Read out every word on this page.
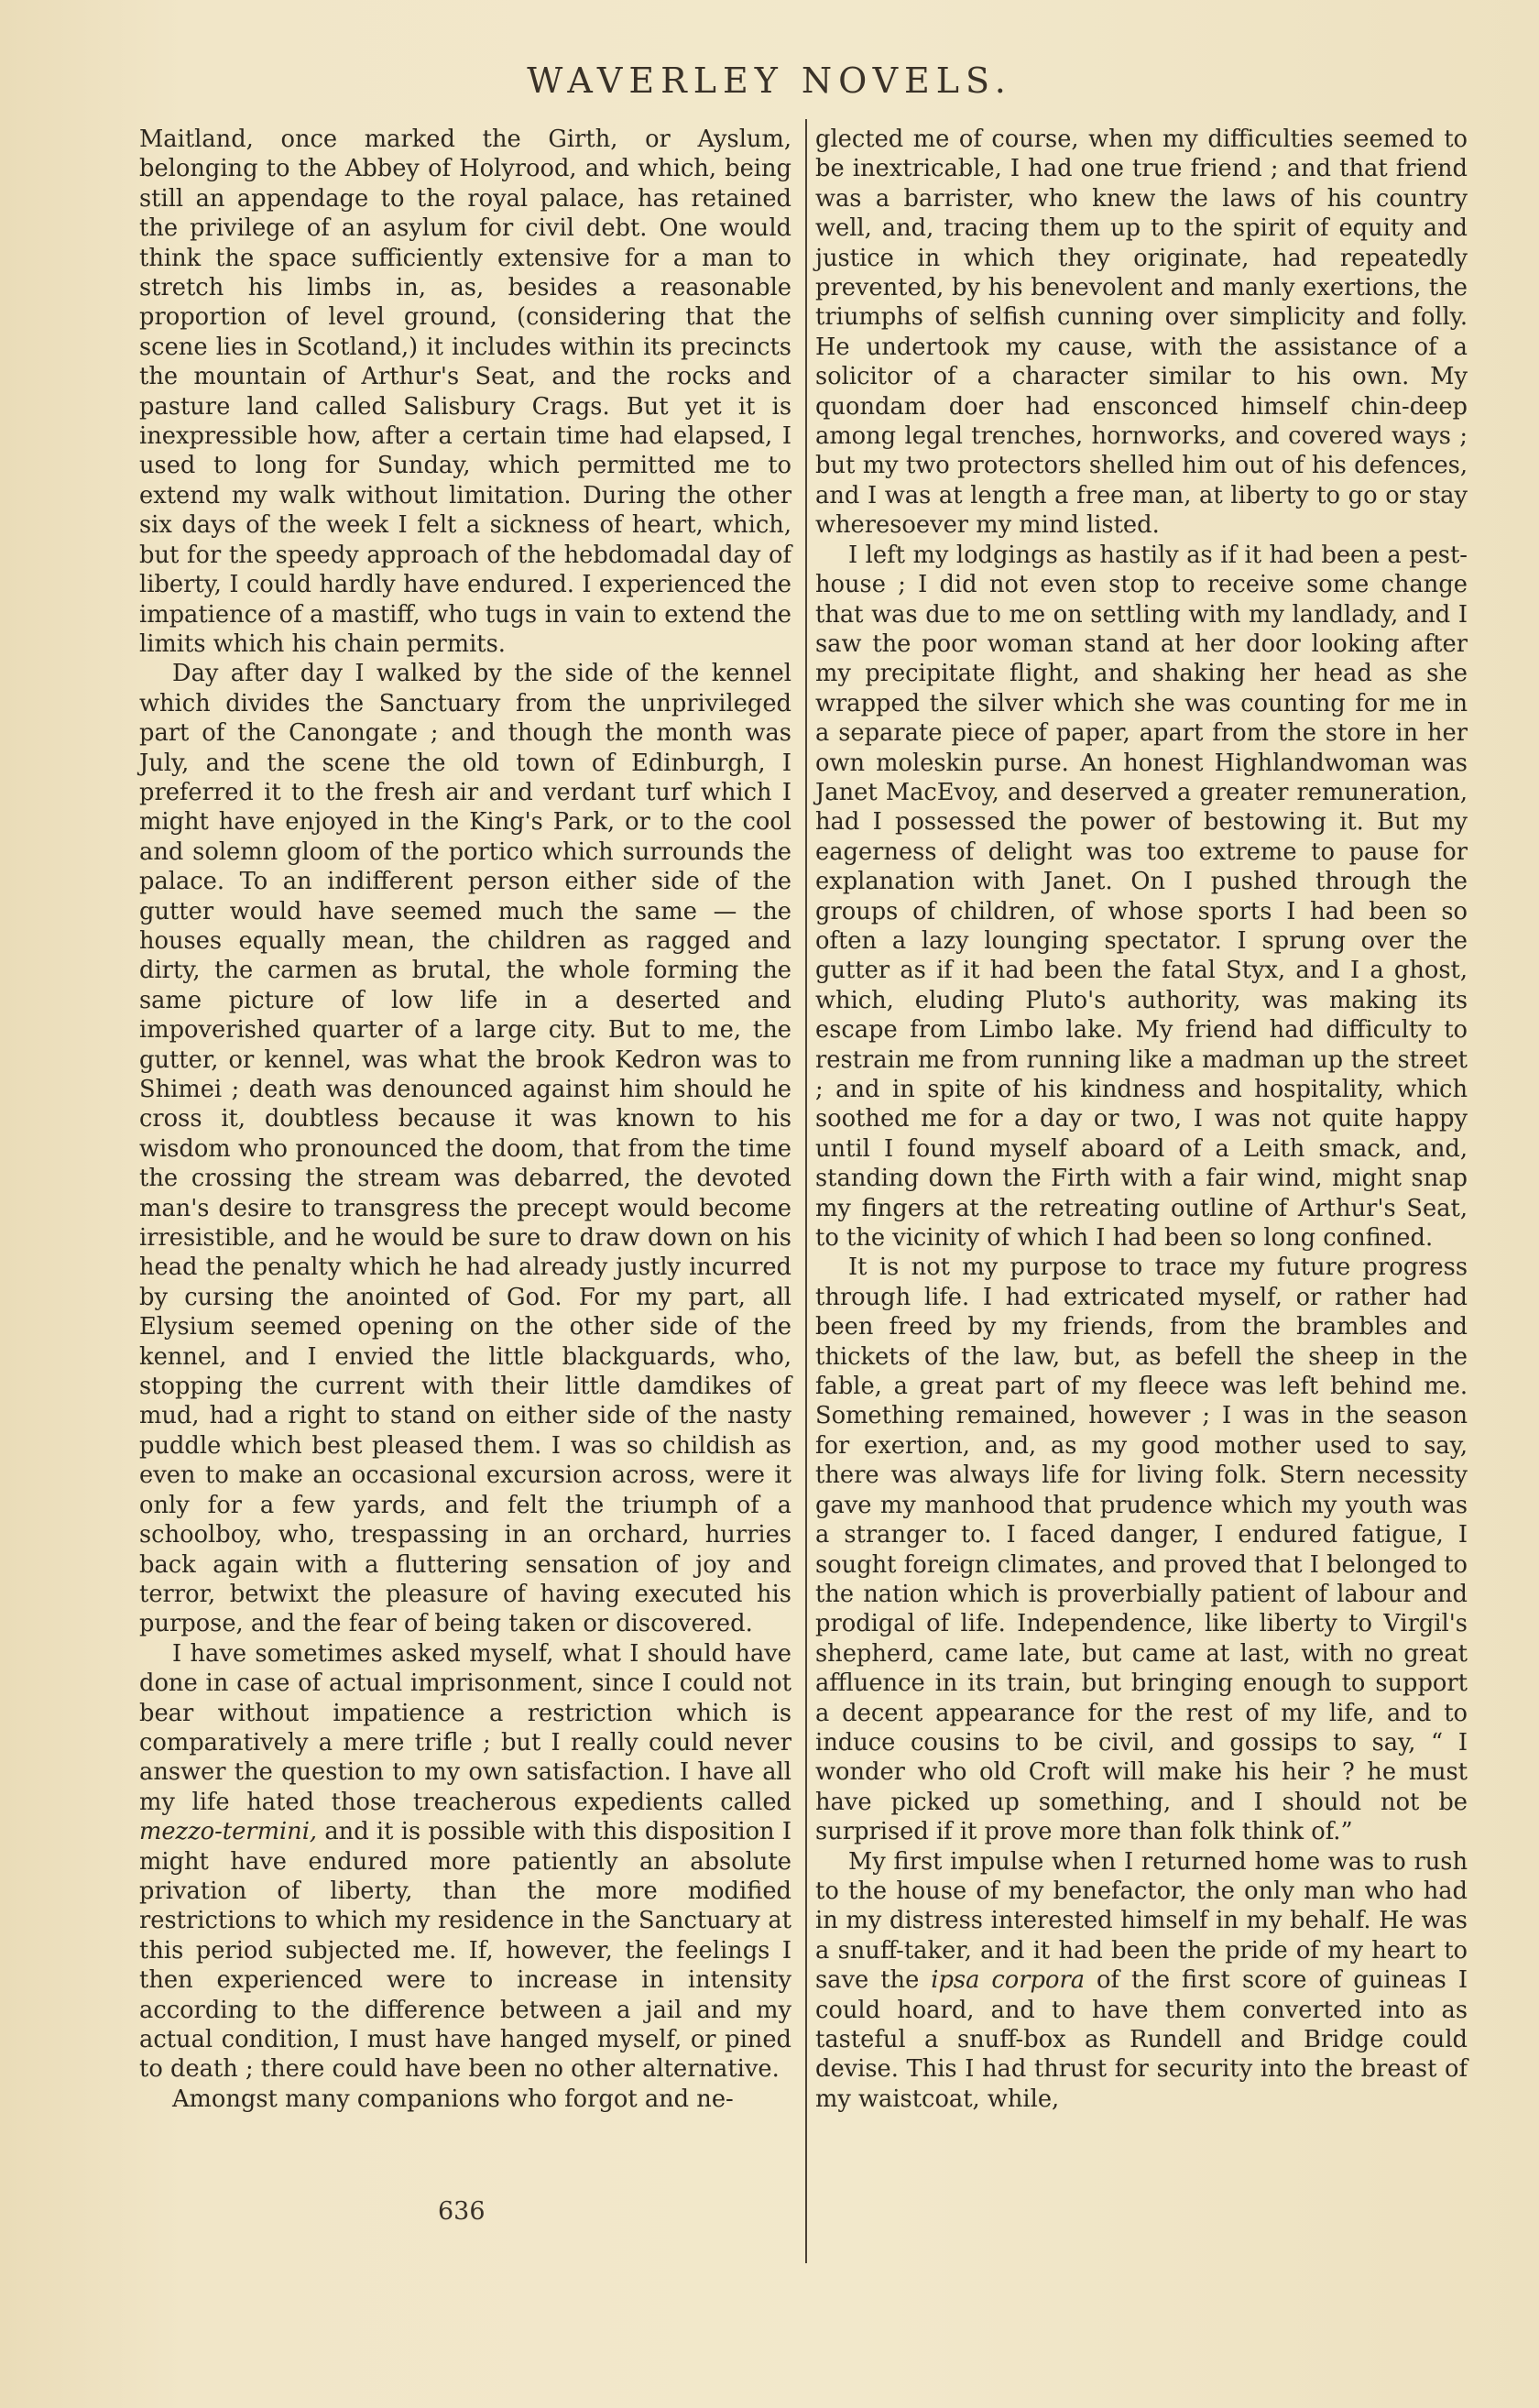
WAVERLEY NOVELS.

Maitland, once marked the Girth, or Ayslum, belonging to the Abbey of Holyrood, and which, being still an appendage to the royal palace, has retained the privilege of an asylum for civil debt. One would think the space sufficiently extensive for a man to stretch his limbs in, as, besides a reasonable proportion of level ground, (considering that the scene lies in Scotland,) it includes within its precincts the mountain of Arthur's Seat, and the rocks and pasture land called Salisbury Crags. But yet it is inexpressible how, after a certain time had elapsed, I used to long for Sunday, which permitted me to extend my walk without limitation. During the other six days of the week I felt a sickness of heart, which, but for the speedy approach of the hebdomadal day of liberty, I could hardly have endured. I experienced the impatience of a mastiff, who tugs in vain to extend the limits which his chain permits.

Day after day I walked by the side of the kennel which divides the Sanctuary from the unprivileged part of the Canongate ; and though the month was July, and the scene the old town of Edinburgh, I preferred it to the fresh air and verdant turf which I might have enjoyed in the King's Park, or to the cool and solemn gloom of the portico which surrounds the palace. To an indifferent person either side of the gutter would have seemed much the same — the houses equally mean, the children as ragged and dirty, the carmen as brutal, the whole forming the same picture of low life in a deserted and impoverished quarter of a large city. But to me, the gutter, or kennel, was what the brook Kedron was to Shimei ; death was denounced against him should he cross it, doubtless because it was known to his wisdom who pronounced the doom, that from the time the crossing the stream was debarred, the devoted man's desire to transgress the precept would become irresistible, and he would be sure to draw down on his head the penalty which he had already justly incurred by cursing the anointed of God. For my part, all Elysium seemed opening on the other side of the kennel, and I envied the little blackguards, who, stopping the current with their little damdikes of mud, had a right to stand on either side of the nasty puddle which best pleased them. I was so childish as even to make an occasional excursion across, were it only for a few yards, and felt the triumph of a schoolboy, who, trespassing in an orchard, hurries back again with a fluttering sensation of joy and terror, betwixt the pleasure of having executed his purpose, and the fear of being taken or discovered.

I have sometimes asked myself, what I should have done in case of actual imprisonment, since I could not bear without impatience a restriction which is comparatively a mere trifle ; but I really could never answer the question to my own satisfaction. I have all my life hated those treacherous expedients called mezzo-termini, and it is possible with this disposition I might have endured more patiently an absolute privation of liberty, than the more modified restrictions to which my residence in the Sanctuary at this period subjected me. If, however, the feelings I then experienced were to increase in intensity according to the difference between a jail and my actual condition, I must have hanged myself, or pined to death ; there could have been no other alternative.

Amongst many companions who forgot and ne-

glected me of course, when my difficulties seemed to be inextricable, I had one true friend ; and that friend was a barrister, who knew the laws of his country well, and, tracing them up to the spirit of equity and justice in which they originate, had repeatedly prevented, by his benevolent and manly exertions, the triumphs of selfish cunning over simplicity and folly. He undertook my cause, with the assistance of a solicitor of a character similar to his own. My quondam doer had ensconced himself chin-deep among legal trenches, hornworks, and covered ways ; but my two protectors shelled him out of his defences, and I was at length a free man, at liberty to go or stay wheresoever my mind listed.

I left my lodgings as hastily as if it had been a pest-house ; I did not even stop to receive some change that was due to me on settling with my landlady, and I saw the poor woman stand at her door looking after my precipitate flight, and shaking her head as she wrapped the silver which she was counting for me in a separate piece of paper, apart from the store in her own moleskin purse. An honest Highlandwoman was Janet MacEvoy, and deserved a greater remuneration, had I possessed the power of bestowing it. But my eagerness of delight was too extreme to pause for explanation with Janet. On I pushed through the groups of children, of whose sports I had been so often a lazy lounging spectator. I sprung over the gutter as if it had been the fatal Styx, and I a ghost, which, eluding Pluto's authority, was making its escape from Limbo lake. My friend had difficulty to restrain me from running like a madman up the street ; and in spite of his kindness and hospitality, which soothed me for a day or two, I was not quite happy until I found myself aboard of a Leith smack, and, standing down the Firth with a fair wind, might snap my fingers at the retreating outline of Arthur's Seat, to the vicinity of which I had been so long confined.

It is not my purpose to trace my future progress through life. I had extricated myself, or rather had been freed by my friends, from the brambles and thickets of the law, but, as befell the sheep in the fable, a great part of my fleece was left behind me. Something remained, however ; I was in the season for exertion, and, as my good mother used to say, there was always life for living folk. Stern necessity gave my manhood that prudence which my youth was a stranger to. I faced danger, I endured fatigue, I sought foreign climates, and proved that I belonged to the nation which is proverbially patient of labour and prodigal of life. Independence, like liberty to Virgil's shepherd, came late, but came at last, with no great affluence in its train, but bringing enough to support a decent appearance for the rest of my life, and to induce cousins to be civil, and gossips to say, “ I wonder who old Croft will make his heir ? he must have picked up something, and I should not be surprised if it prove more than folk think of.”

My first impulse when I returned home was to rush to the house of my benefactor, the only man who had in my distress interested himself in my behalf. He was a snuff-taker, and it had been the pride of my heart to save the ipsa corpora of the first score of guineas I could hoard, and to have them converted into as tasteful a snuff-box as Rundell and Bridge could devise. This I had thrust for security into the breast of my waistcoat, while,

636
